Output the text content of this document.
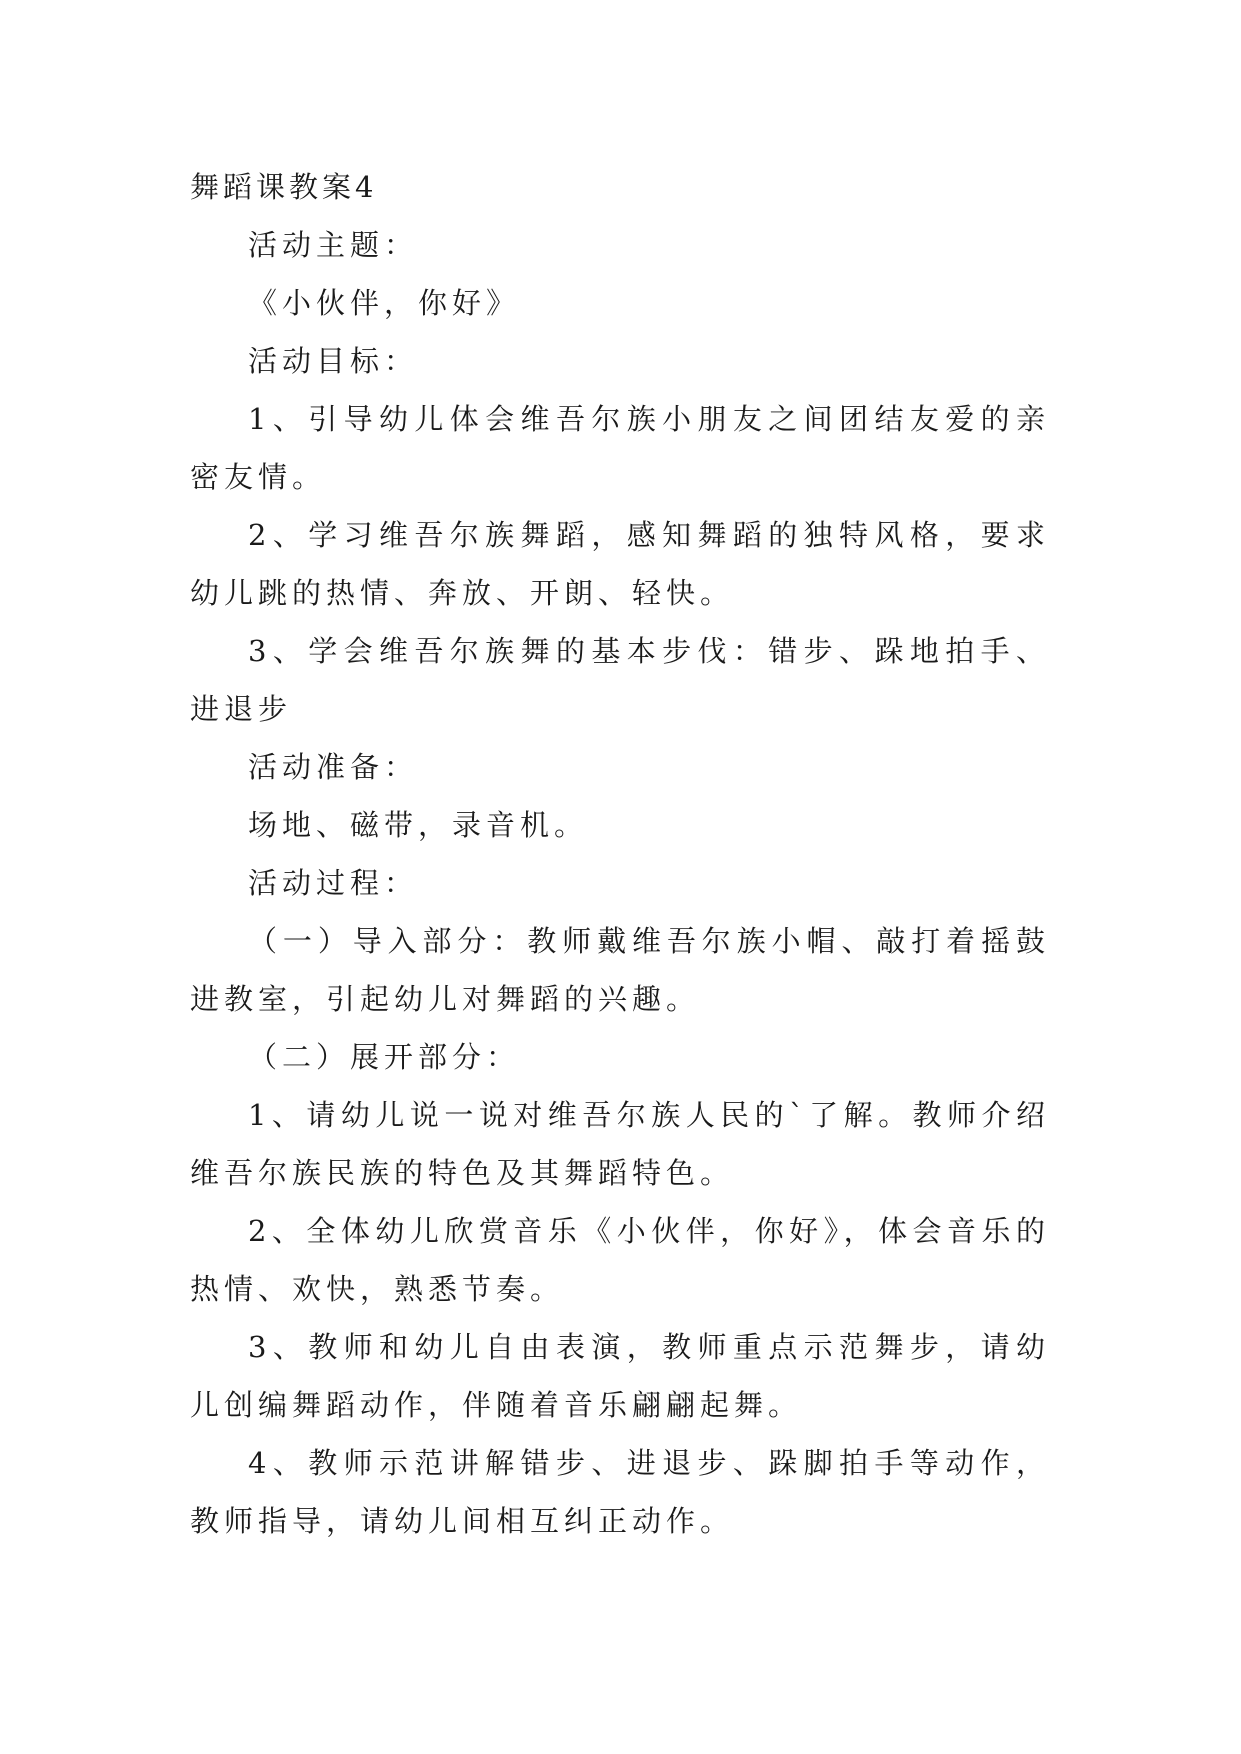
舞蹈课教案4
活动主题：
《小伙伴，你好》
活动目标：
1、引导幼儿体会维吾尔族小朋友之间团结友爱的亲密友情。
2、学习维吾尔族舞蹈，感知舞蹈的独特风格，要求幼儿跳的热情、奔放、开朗、轻快。
3、学会维吾尔族舞的基本步伐：错步、跺地拍手、进退步
活动准备：
场地、磁带，录音机。
活动过程：
（一）导入部分：教师戴维吾尔族小帽、敲打着摇鼓进教室，引起幼儿对舞蹈的兴趣。
（二）展开部分：
1、请幼儿说一说对维吾尔族人民的`了解。教师介绍维吾尔族民族的特色及其舞蹈特色。
2、全体幼儿欣赏音乐《小伙伴，你好》，体会音乐的热情、欢快，熟悉节奏。
3、教师和幼儿自由表演，教师重点示范舞步，请幼儿创编舞蹈动作，伴随着音乐翩翩起舞。
4、教师示范讲解错步、进退步、跺脚拍手等动作，教师指导，请幼儿间相互纠正动作。
